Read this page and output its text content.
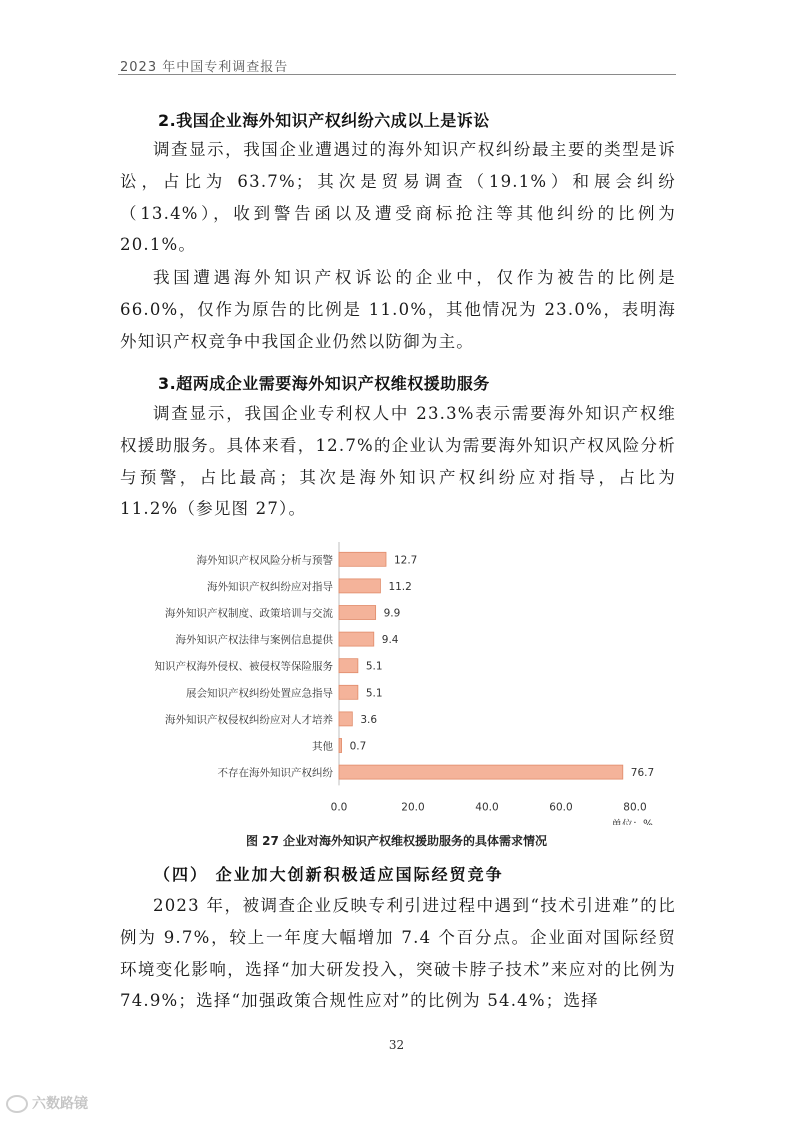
2023 年中国专利调查报告
2.我国企业海外知识产权纠纷六成以上是诉讼
调查显示，我国企业遭遇过的海外知识产权纠纷最主要的类型是诉讼，占比为 63.7%；其次是贸易调查（19.1%）和展会纠纷（13.4%），收到警告函以及遭受商标抢注等其他纠纷的比例为 20.1%。
我国遭遇海外知识产权诉讼的企业中，仅作为被告的比例是 66.0%，仅作为原告的比例是 11.0%，其他情况为 23.0%，表明海外知识产权竞争中我国企业仍然以防御为主。
3.超两成企业需要海外知识产权维权援助服务
调查显示，我国企业专利权人中 23.3%表示需要海外知识产权维权援助服务。具体来看，12.7%的企业认为需要海外知识产权风险分析与预警，占比最高；其次是海外知识产权纠纷应对指导，占比为 11.2%（参见图 27）。
海外知识产权风险分析与预警	12.7
海外知识产权纠纷应对指导	11.2
海外知识产权制度、政策培训与交流	9.9
海外知识产权法律与案例信息提供	9.4
知识产权海外侵权、被侵权等保险服务	5.1
展会知识产权纠纷处置应急指导	5.1
海外知识产权侵权纠纷应对人才培养	3.6
其他 0.7
不存在海外知识产权纠纷	76.7
0.0	20.0	40.0	60.0	80.0
单位：%
图 27 企业对海外知识产权维权援助服务的具体需求情况
（四） 企业加大创新积极适应国际经贸竞争
2023 年，被调查企业反映专利引进过程中遇到“技术引进难”的比例为 9.7%，较上一年度大幅增加 7.4 个百分点。企业面对国际经贸环境变化影响，选择“加大研发投入，突破卡脖子技术”来应对的比例为 74.9%；选择“加强政策合规性应对”的比例为 54.4%；选择
32
六数路镜
